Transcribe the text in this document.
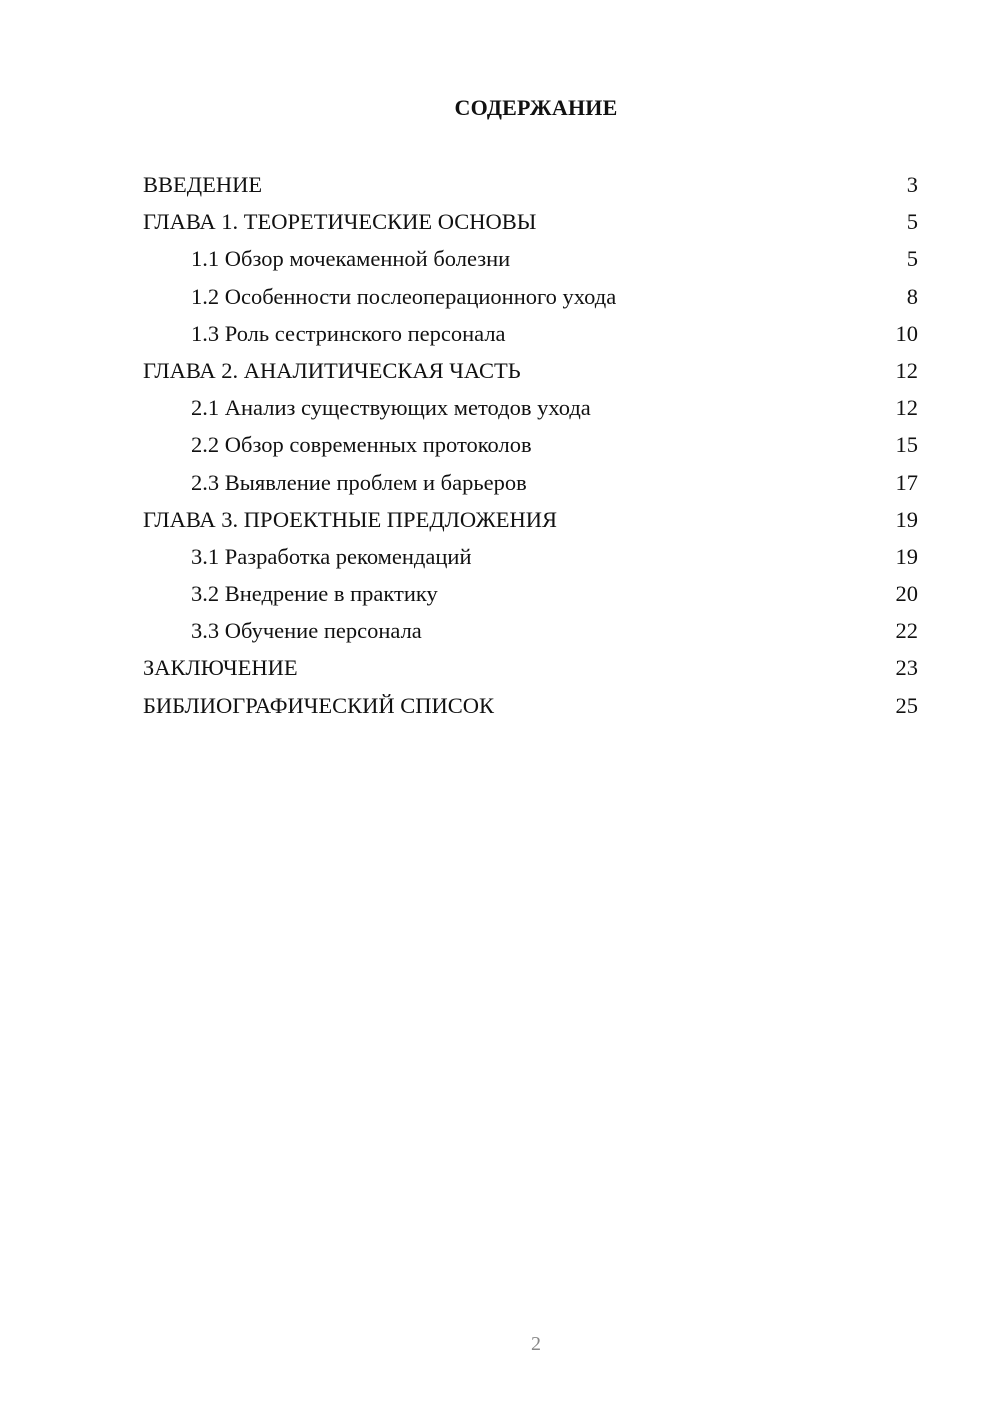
СОДЕРЖАНИЕ
ВВЕДЕНИЕ	3
ГЛАВА 1. ТЕОРЕТИЧЕСКИЕ ОСНОВЫ	5
1.1 Обзор мочекаменной болезни	5
1.2 Особенности послеоперационного ухода	8
1.3 Роль сестринского персонала	10
ГЛАВА 2. АНАЛИТИЧЕСКАЯ ЧАСТЬ	12
2.1 Анализ существующих методов ухода	12
2.2 Обзор современных протоколов	15
2.3 Выявление проблем и барьеров	17
ГЛАВА 3. ПРОЕКТНЫЕ ПРЕДЛОЖЕНИЯ	19
3.1 Разработка рекомендаций	19
3.2 Внедрение в практику	20
3.3 Обучение персонала	22
ЗАКЛЮЧЕНИЕ	23
БИБЛИОГРАФИЧЕСКИЙ СПИСОК	25
2
